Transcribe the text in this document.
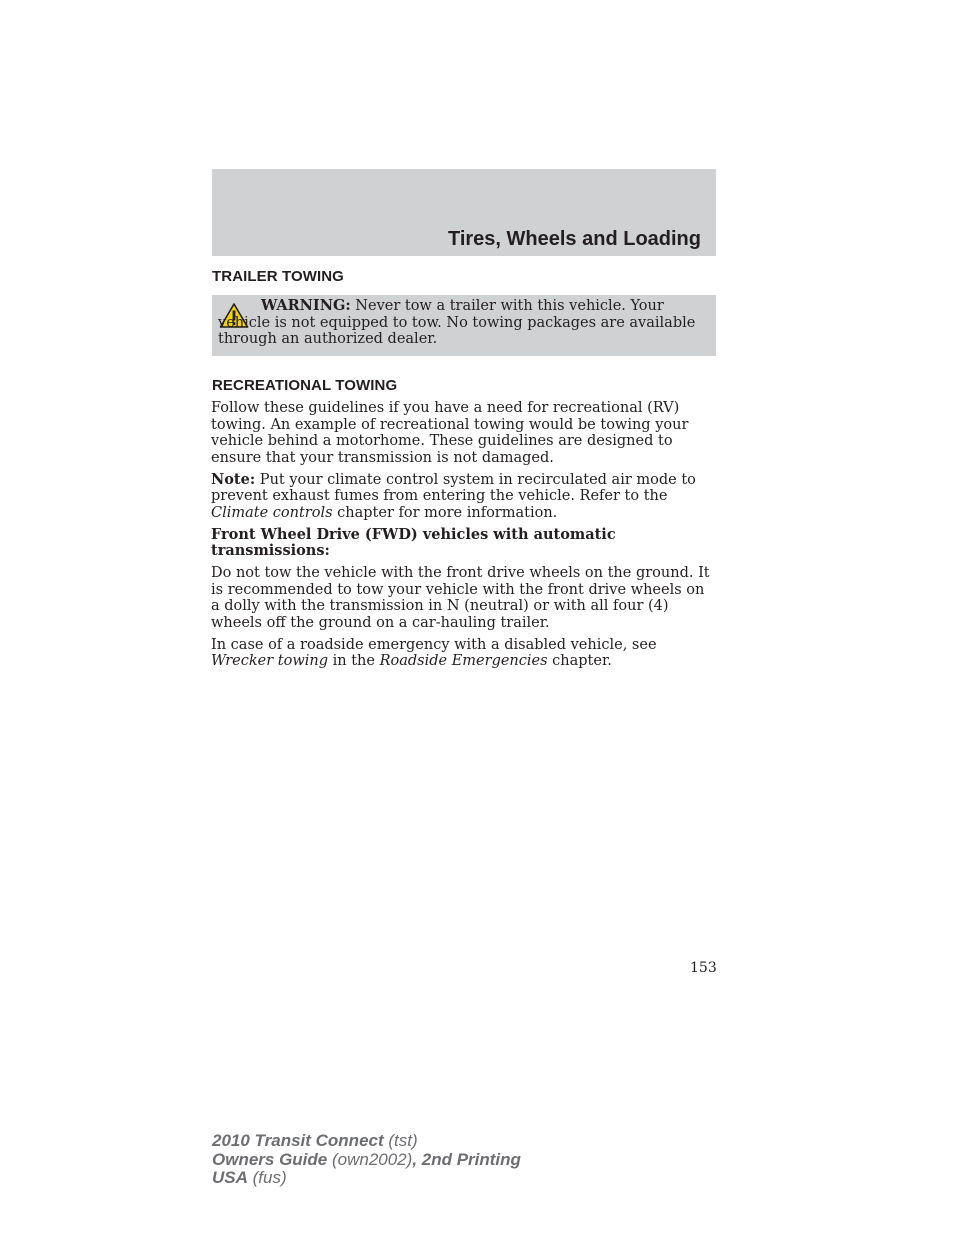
Tires, Wheels and Loading
TRAILER TOWING

WARNING: Never tow a trailer with this vehicle. Your vehicle is not equipped to tow. No towing packages are available through an authorized dealer.

RECREATIONAL TOWING

Follow these guidelines if you have a need for recreational (RV) towing. An example of recreational towing would be towing your vehicle behind a motorhome. These guidelines are designed to ensure that your transmission is not damaged.

Note: Put your climate control system in recirculated air mode to prevent exhaust fumes from entering the vehicle. Refer to the Climate controls chapter for more information.

Front Wheel Drive (FWD) vehicles with automatic transmissions:

Do not tow the vehicle with the front drive wheels on the ground. It is recommended to tow your vehicle with the front drive wheels on a dolly with the transmission in N (neutral) or with all four (4) wheels off the ground on a car-hauling trailer.

In case of a roadside emergency with a disabled vehicle, see Wrecker towing in the Roadside Emergencies chapter.

153
2010 Transit Connect (tst)
Owners Guide (own2002), 2nd Printing
USA (fus)
